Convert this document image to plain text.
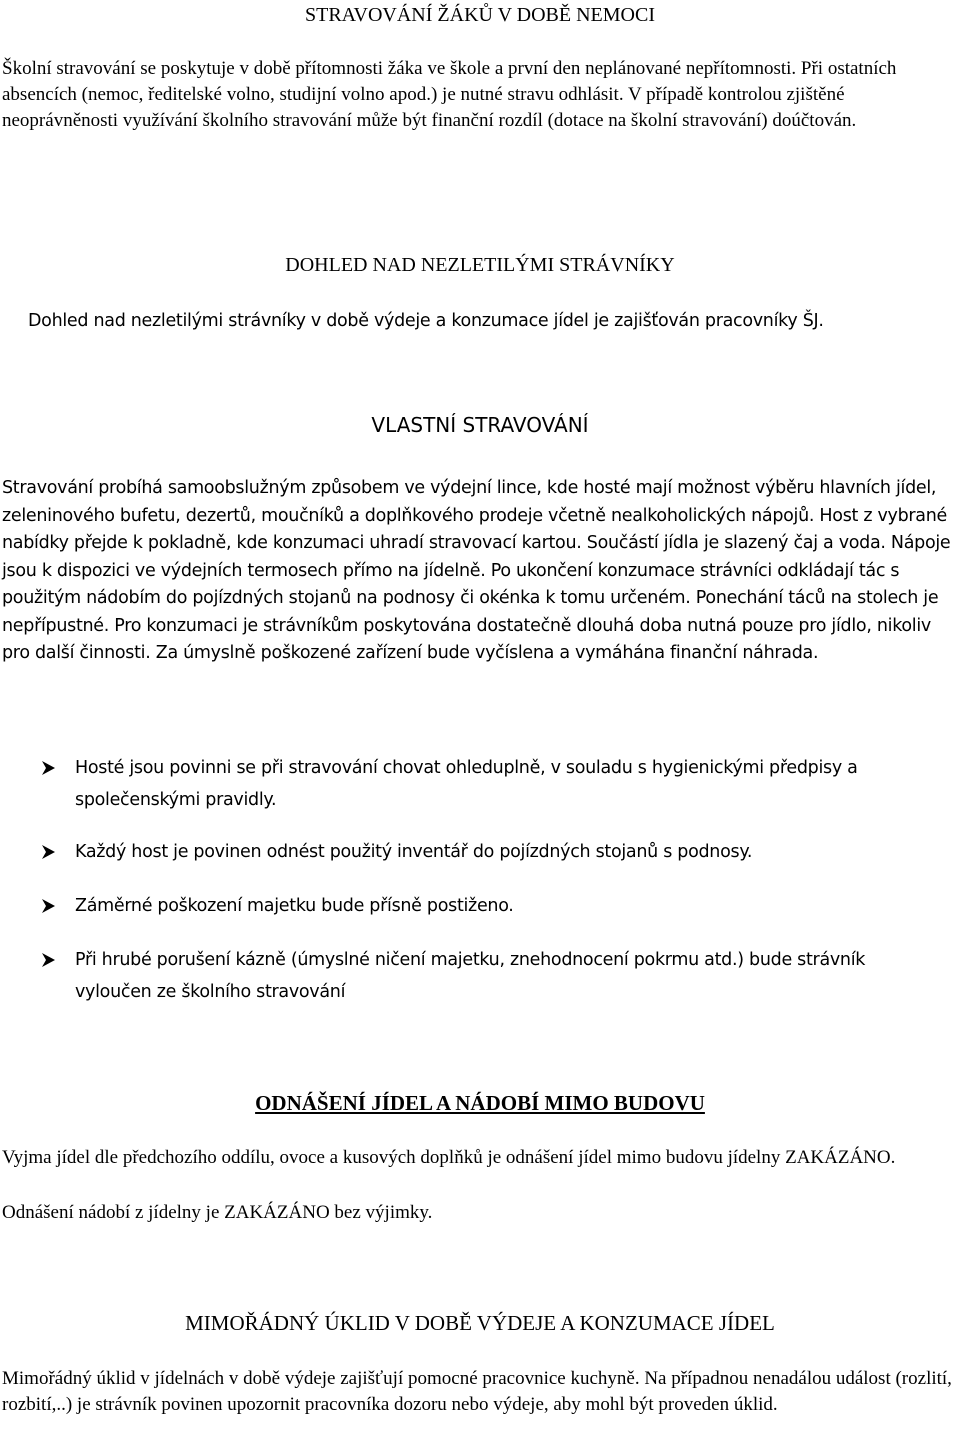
STRAVOVÁNÍ ŽÁKŮ V DOBĚ NEMOCI

Školní stravování se poskytuje v době přítomnosti žáka ve škole a první den neplánované nepřítomnosti. Při ostatních absencích (nemoc, ředitelské volno, studijní volno apod.) je nutné stravu odhlásit. V případě kontrolou zjištěné neoprávněnosti využívání školního stravování může být finanční rozdíl (dotace na školní stravování) doúčtován.

DOHLED NAD NEZLETILÝMI STRÁVNÍKY

Dohled nad nezletilými strávníky v době výdeje a konzumace jídel je zajišťován pracovníky ŠJ.

VLASTNÍ STRAVOVÁNÍ

Stravování probíhá samoobslužným způsobem ve výdejní lince, kde hosté mají možnost výběru hlavních jídel, zeleninového bufetu, dezertů, moučníků a doplňkového prodeje včetně nealkoholických nápojů. Host z vybrané nabídky přejde k pokladně, kde konzumaci uhradí stravovací kartou. Součástí jídla je slazený čaj a voda. Nápoje jsou k dispozici ve výdejních termosech přímo na jídelně. Po ukončení konzumace strávníci odkládají tác s použitým nádobím do pojízdných stojanů na podnosy či okénka k tomu určeném. Ponechání táců na stolech je nepřípustné. Pro konzumaci je strávníkům poskytována dostatečně dlouhá doba nutná pouze pro jídlo, nikoliv pro další činnosti. Za úmyslně poškozené zařízení bude vyčíslena a vymáhána finanční náhrada.

Hosté jsou povinni se při stravování chovat ohleduplně, v souladu s hygienickými předpisy a společenskými pravidly.
Každý host je povinen odnést použitý inventář do pojízdných stojanů s podnosy.
Záměrné poškození majetku bude přísně postiženo.
Při hrubé porušení kázně (úmyslné ničení majetku, znehodnocení pokrmu atd.) bude strávník vyloučen ze školního stravování
ODNÁŠENÍ JÍDEL A NÁDOBÍ MIMO BUDOVU

Vyjma jídel dle předchozího oddílu, ovoce a kusových doplňků je odnášení jídel mimo budovu jídelny ZAKÁZÁNO.

Odnášení nádobí z jídelny je ZAKÁZÁNO bez výjimky.

MIMOŘÁDNÝ ÚKLID V DOBĚ VÝDEJE A KONZUMACE JÍDEL

Mimořádný úklid v jídelnách v době výdeje zajišťují pomocné pracovnice kuchyně. Na případnou nenadálou událost (rozlití, rozbití,..) je strávník povinen upozornit pracovníka dozoru nebo výdeje, aby mohl být proveden úklid.
